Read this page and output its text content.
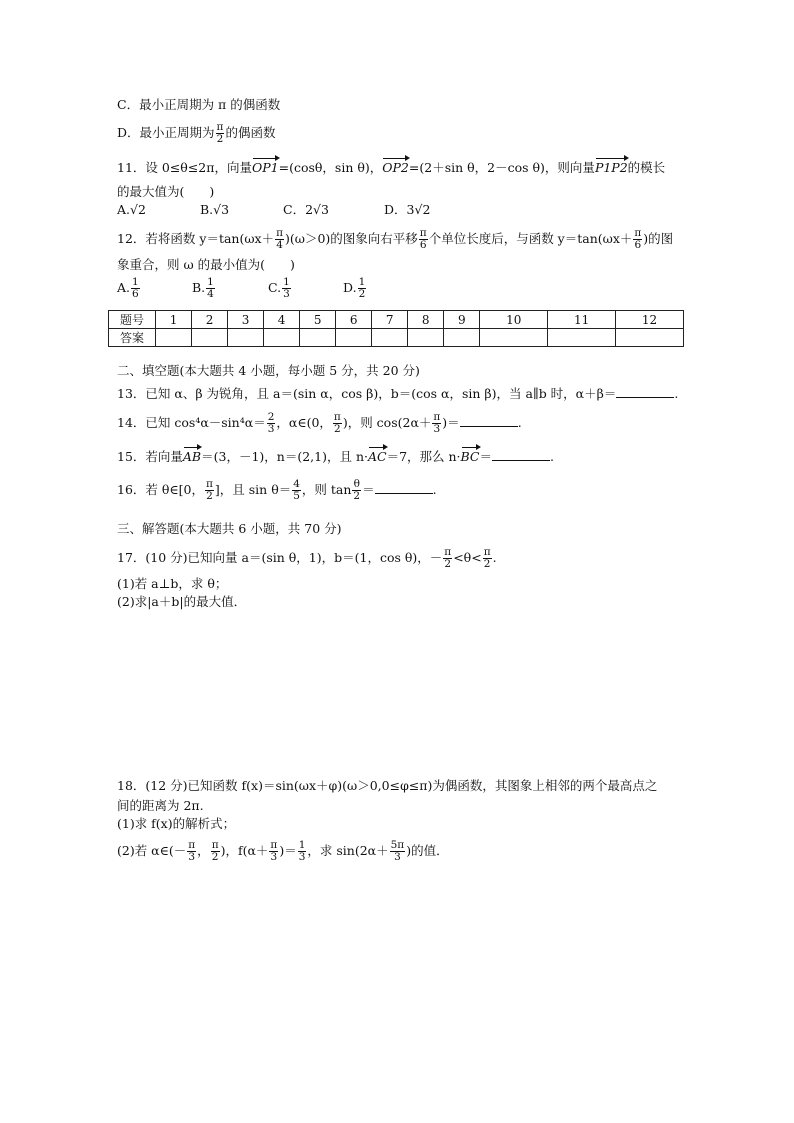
C．最小正周期为 π 的偶函数
D．最小正周期为 $\frac{\pi}{2}$ 的偶函数
11．设 0≤θ≤2π，向量OP1=(cosθ，sin θ)，OP2=(2＋sin θ，2－cos θ)，则向量P1P2的模长
的最大值为(　　)
A.√2	B.√3	C．2√3	D．3√2
12．若将函数 $y=\tan(\omega x+ \frac{\pi}{4} )(\omega>0)$的图象向右平移 $\frac{\pi}{6}$ 个单位长度后，与函数 $y=\tan(\omega x+ \frac{\pi}{6}$ )的图
象重合，则 ω 的最小值为(　　)
A. $\frac{1}{6}$	B. $\frac{1}{4}$	C. $\frac{1}{3}$	D. $\frac{1}{2}$
题号	1	2	3	4	5	6	7	8	9	10	11	12
答案												
二、填空题(本大题共 4 小题，每小题 5 分，共 20 分)
13．已知 α、β 为锐角，且 a＝(sin α，cos β)，b＝(cos α，sin β)，当 a∥b 时，α＋β＝	.
14．已知 $\cos^4\alpha-\sin^4\alpha= \frac{2}{3}$ ，α∈(0， $\frac{\pi}{2}$ )，则 $\cos(2\alpha+ \frac{\pi}{3}$ )＝	.
15．若向量AB＝(3，－1)，n＝(2,1)，且 n·AC＝7，那么 n·BC＝	.
16．若 θ∈[0， $\frac{\pi}{2}$ ]，且 $\sin \theta= \frac{4}{5}$ ，则 $\tan \frac{\theta}{2}$ ＝	.
三、解答题(本大题共 6 小题，共 70 分)
17．(10 分)已知向量 a＝(sin θ，1)，b＝(1，cos θ)，－ $\frac{\pi}{2} <\theta< \frac{\pi}{2}$ .
(1)若 a⊥b，求 θ；
(2)求|a＋b|的最大值．
18．(12 分)已知函数 f(x)＝sin(ωx＋φ)(ω＞0,0≤φ≤π)为偶函数，其图象上相邻的两个最高点之
间的距离为 2π.
(1)求 f(x)的解析式；
(2)若 α∈(－ $\frac{\pi}{3}$ ， $\frac{\pi}{2}$ )，$f(\alpha+ \frac{\pi}{3}$ )＝ $\frac{1}{3}$ ，求 $\sin(2\alpha+ \frac{5\pi}{3}$ )的值．
